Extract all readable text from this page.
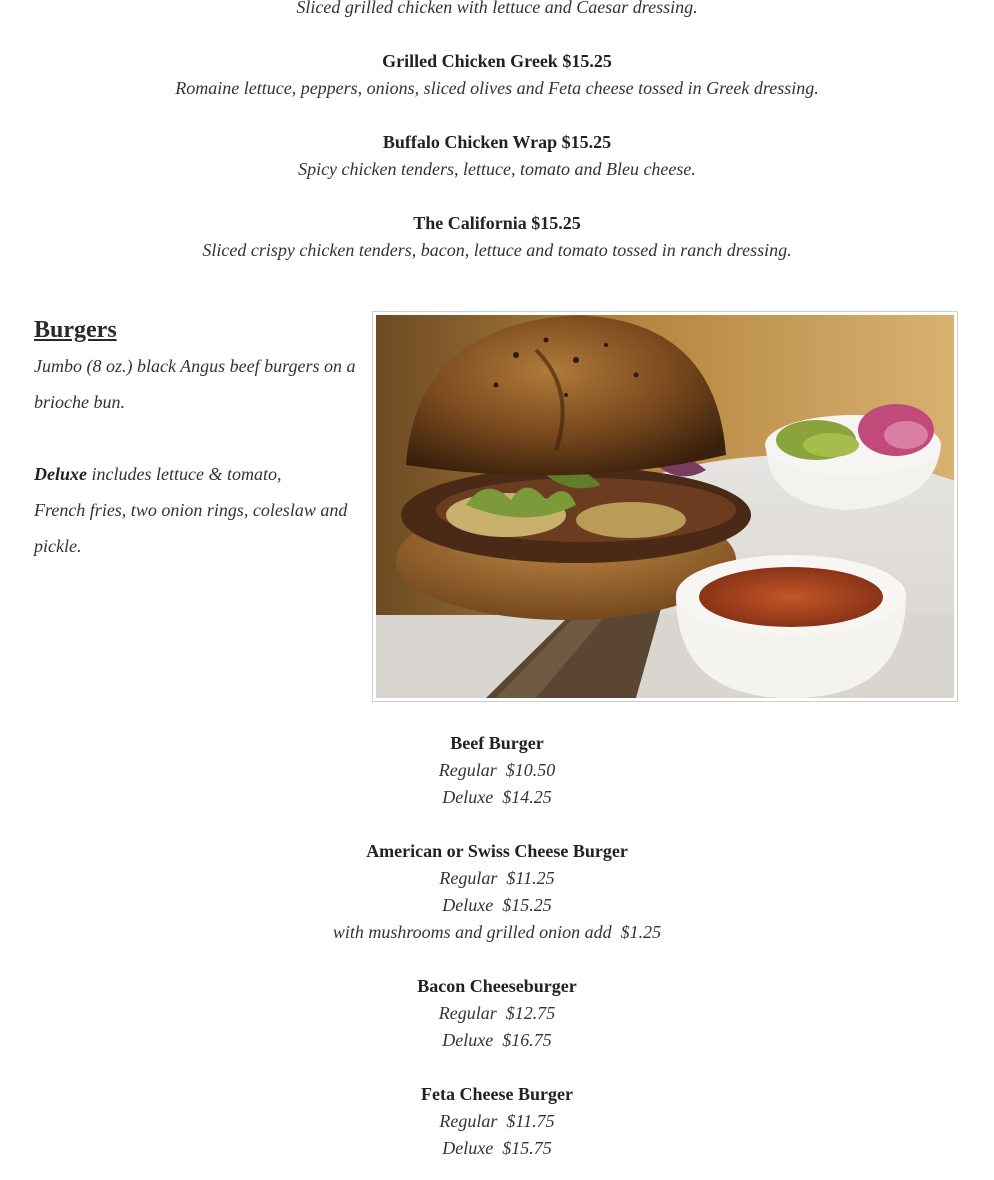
Sliced grilled chicken with lettuce and Caesar dressing.
Grilled Chicken Greek $15.25
Romaine lettuce, peppers, onions, sliced olives and Feta cheese tossed in Greek dressing.
Buffalo Chicken Wrap $15.25
Spicy chicken tenders, lettuce, tomato and Bleu cheese.
The California $15.25
Sliced crispy chicken tenders, bacon, lettuce and tomato tossed in ranch dressing.
Burgers
Jumbo (8 oz.) black Angus beef burgers on a
brioche bun.
Deluxe includes lettuce & tomato,
French fries, two onion rings, coleslaw and
pickle.
Beef Burger
Regular  $10.50
Deluxe  $14.25
American or Swiss Cheese Burger
Regular  $11.25
Deluxe  $15.25
with mushrooms and grilled onion add  $1.25
Bacon Cheeseburger
Regular  $12.75
Deluxe  $16.75
Feta Cheese Burger
Regular  $11.75
Deluxe  $15.75
